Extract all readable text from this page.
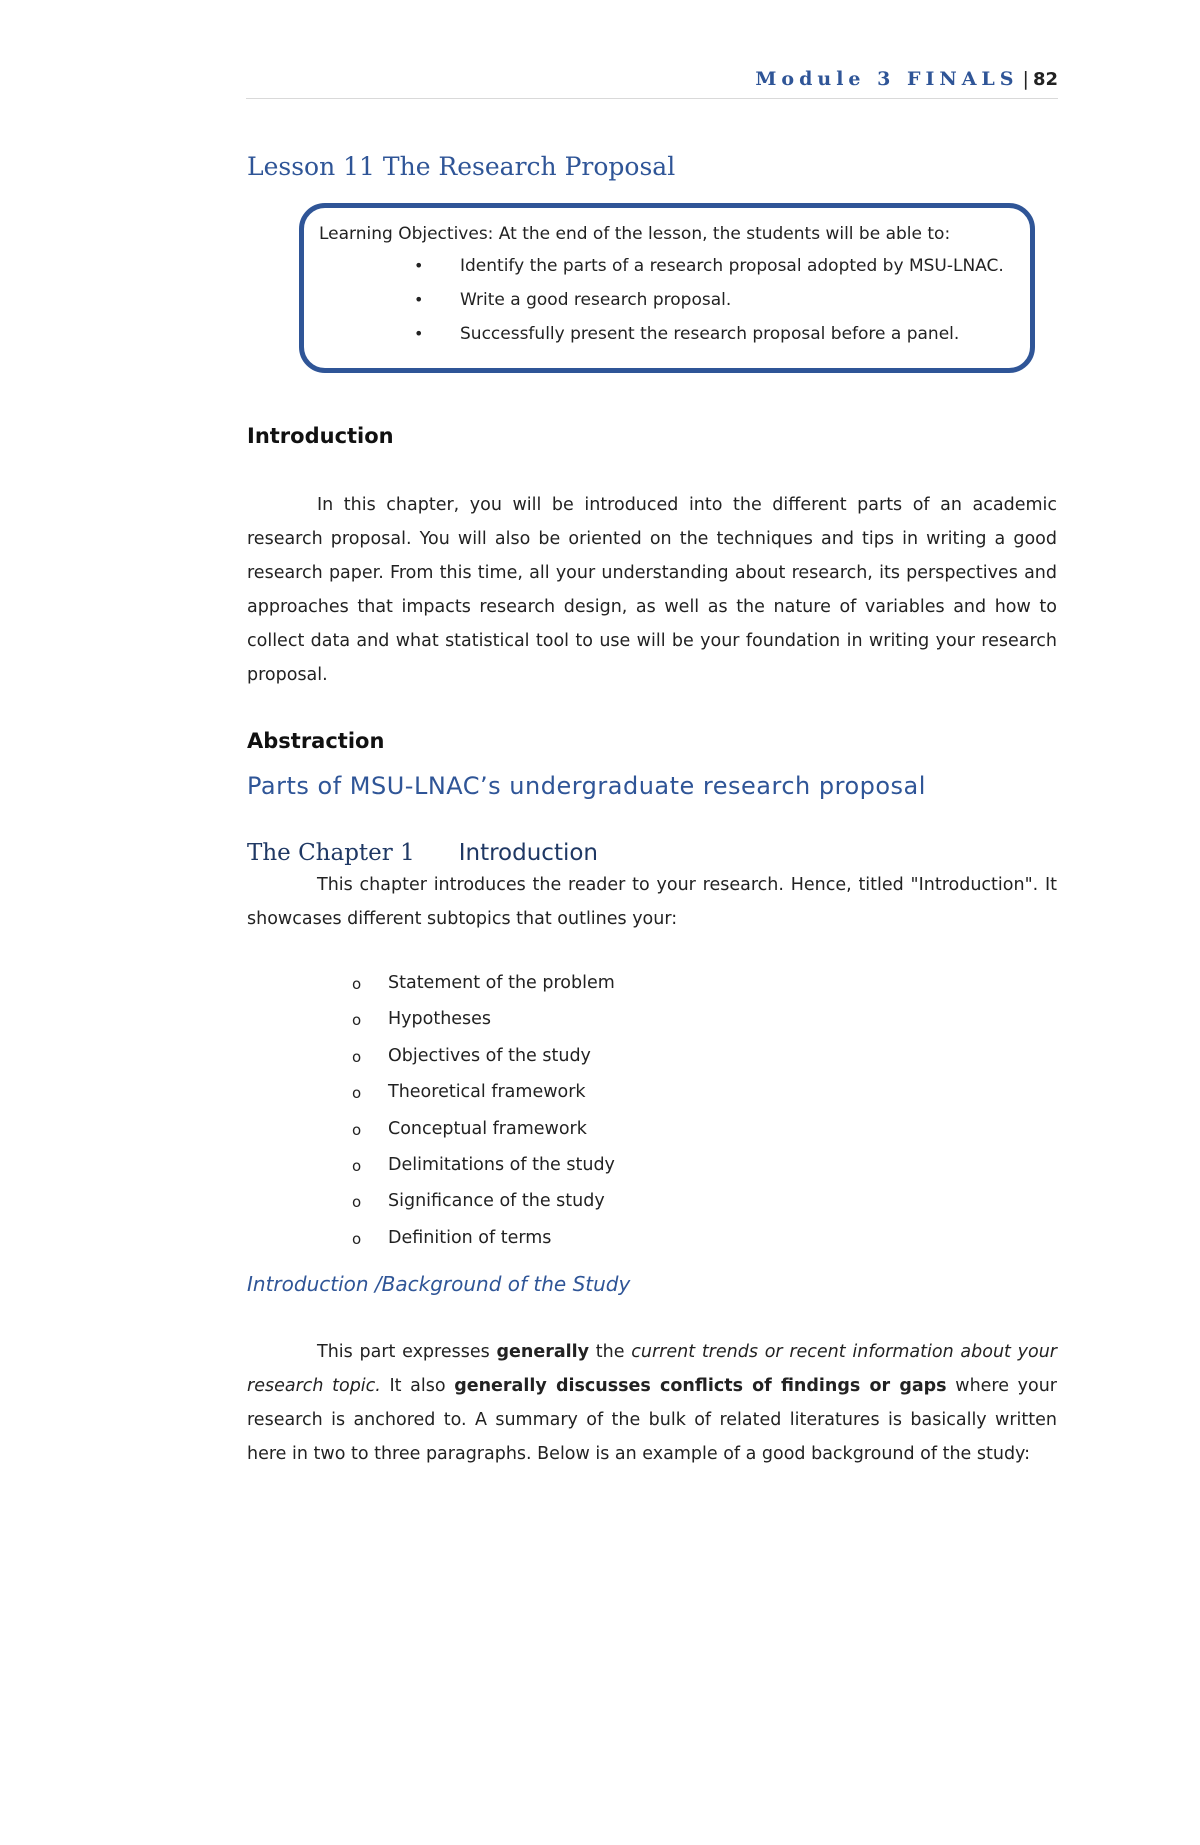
Module 3 FINALS | 82
Lesson 11 The Research Proposal
Learning Objectives: At the end of the lesson, the students will be able to:
• Identify the parts of a research proposal adopted by MSU-LNAC.
• Write a good research proposal.
• Successfully present the research proposal before a panel.
Introduction

In this chapter, you will be introduced into the different parts of an academic research proposal. You will also be oriented on the techniques and tips in writing a good research paper. From this time, all your understanding about research, its perspectives and approaches that impacts research design, as well as the nature of variables and how to collect data and what statistical tool to use will be your foundation in writing your research proposal.

Abstraction
Parts of MSU-LNAC’s undergraduate research proposal
The Chapter 1 Introduction

This chapter introduces the reader to your research. Hence, titled "Introduction". It showcases different subtopics that outlines your:

o Statement of the problem
o Hypotheses
o Objectives of the study
o Theoretical framework
o Conceptual framework
o Delimitations of the study
o Significance of the study
o Definition of terms
Introduction /Background of the Study

This part expresses generally the current trends or recent information about your research topic. It also generally discusses conflicts of findings or gaps where your research is anchored to. A summary of the bulk of related literatures is basically written here in two to three paragraphs. Below is an example of a good background of the study:
